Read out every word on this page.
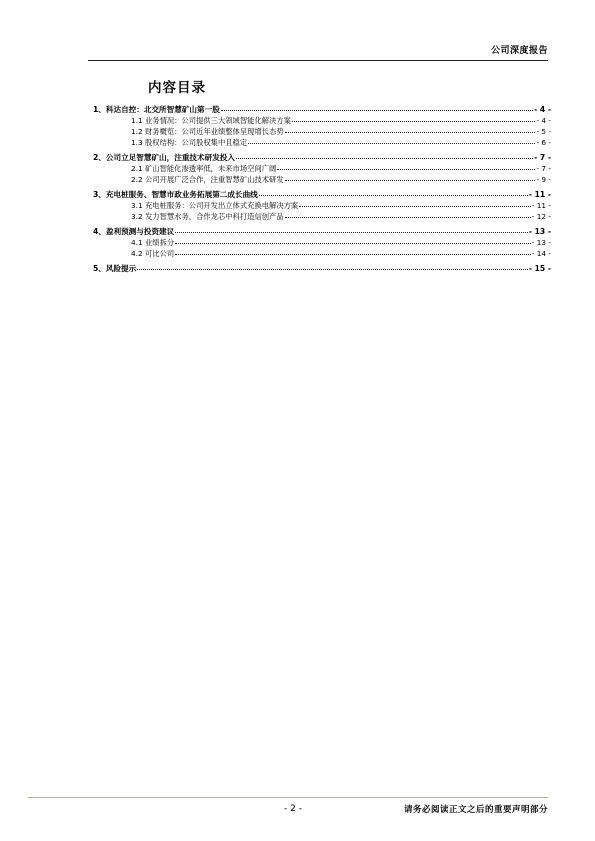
公司深度报告
内容目录
1、 科达自控：北交所智慧矿山第一股	- 4 -
1.1 业务情况：公司提供三大领域智能化解决方案	- 4 -
1.2 财务概览：公司近年业绩整体呈现增长态势	- 5 -
1.3 股权结构：公司股权集中且稳定	- 6 -
2、 公司立足智慧矿山，注重技术研发投入	- 7 -
2.1 矿山智能化渗透率低，未来市场空间广阔	- 7 -
2.2 公司开展广泛合作，注重智慧矿山技术研发	- 9 -
3、 充电桩服务、智慧市政业务拓展第二成长曲线	- 11 -
3.1 充电桩服务：公司开发出立体式充换电解决方案	- 11 -
3.2 发力智慧水务，合作龙芯中科打造信创产品	- 12 -
4、 盈利预测与投资建议	- 13 -
4.1 业绩拆分	- 13 -
4.2 可比公司	- 14 -
5、 风险提示	- 15 -
- 2 -	请务必阅读正文之后的重要声明部分
